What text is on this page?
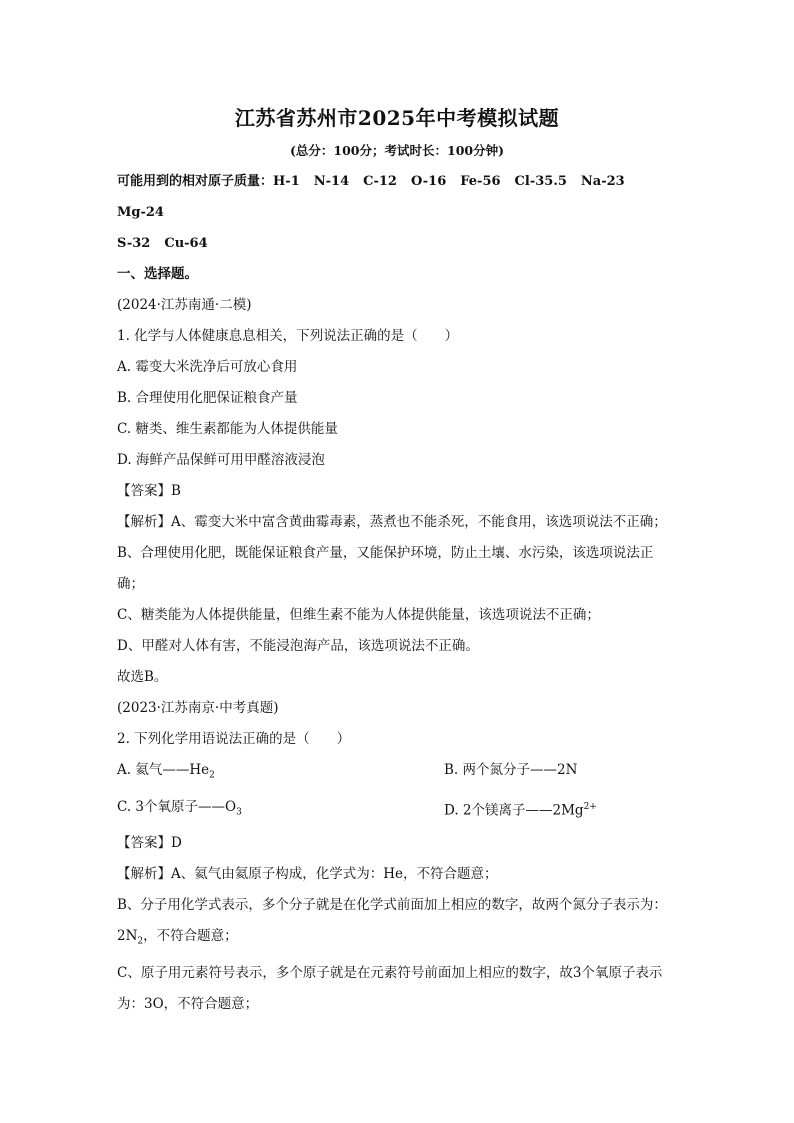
江苏省苏州市2025年中考模拟试题

(总分：100分；考试时长：100分钟)

可能用到的相对原子质量：H-1 N-14 C-12 O-16 Fe-56 Cl-35.5 Na-23Mg-24
S-32 Cu-64

一、选择题。

(2024·江苏南通·二模)

1. 化学与人体健康息息相关，下列说法正确的是（　　）

A. 霉变大米洗净后可放心食用

B. 合理使用化肥保证粮食产量

C. 糖类、维生素都能为人体提供能量

D. 海鲜产品保鲜可用甲醛溶液浸泡

【答案】B

【解析】A、霉变大米中富含黄曲霉毒素，蒸煮也不能杀死，不能食用，该选项说法不正确；

B、合理使用化肥，既能保证粮食产量，又能保护环境，防止土壤、水污染，该选项说法正确；

C、糖类能为人体提供能量，但维生素不能为人体提供能量，该选项说法不正确；

D、甲醛对人体有害，不能浸泡海产品，该选项说法不正确。

故选B。

(2023·江苏南京·中考真题)

2. 下列化学用语说法正确的是（　　）

A. 氦气$——He_2$	B. 两个氮分子——2N
C. 3个氧原子$——O_3$	D. 2个镁离子$——2Mg^{2+}$

【答案】D

【解析】A、氦气由氦原子构成，化学式为：He，不符合题意；

B、分子用化学式表示，多个分子就是在化学式前面加上相应的数字，故两个氮分子表示为：$2N_2$，不符合题意；

C、原子用元素符号表示，多个原子就是在元素符号前面加上相应的数字，故3个氧原子表示为：3O，不符合题意；
